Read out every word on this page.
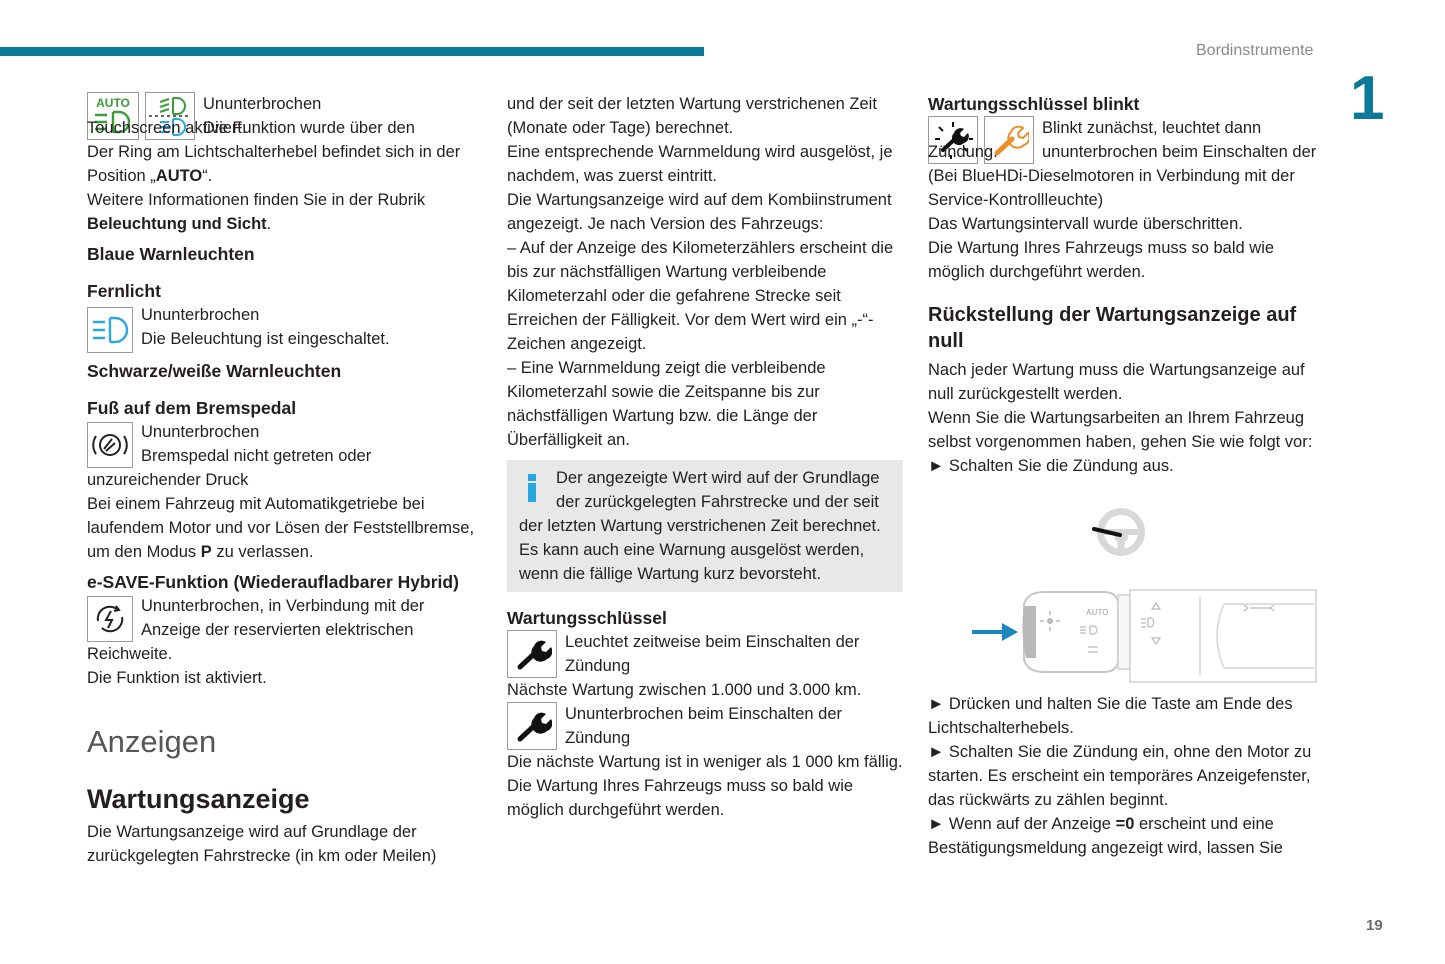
Bordinstrumente
1
19
AUTO	Ununterbrochen

Die Funktion wurde über den

Touchscreen aktiviert.

Der Ring am Lichtschalterhebel befindet sich in der Position „AUTO“.

Weitere Informationen finden Sie in der Rubrik Beleuchtung und Sicht.

Blaue Warnleuchten

Fernlicht

Ununterbrochen

Die Beleuchtung ist eingeschaltet.

Schwarze/weiße Warnleuchten

Fuß auf dem Bremspedal

Ununterbrochen

Bremspedal nicht getreten oder

unzureichender Druck

Bei einem Fahrzeug mit Automatikgetriebe bei laufendem Motor und vor Lösen der Feststellbremse, um den Modus P zu verlassen.

e-SAVE-Funktion (Wiederaufladbarer Hybrid)

Ununterbrochen, in Verbindung mit der

Anzeige der reservierten elektrischen

Reichweite.

Die Funktion ist aktiviert.

Anzeigen

Wartungsanzeige

Die Wartungsanzeige wird auf Grundlage der zurückgelegten Fahrstrecke (in km oder Meilen)

und der seit der letzten Wartung verstrichenen Zeit (Monate oder Tage) berechnet.

Eine entsprechende Warnmeldung wird ausgelöst, je nachdem, was zuerst eintritt.

Die Wartungsanzeige wird auf dem Kombiinstrument angezeigt. Je nach Version des Fahrzeugs:

– Auf der Anzeige des Kilometerzählers erscheint die bis zur nächstfälligen Wartung verbleibende Kilometerzahl oder die gefahrene Strecke seit Erreichen der Fälligkeit. Vor dem Wert wird ein „-“-Zeichen angezeigt.

– Eine Warnmeldung zeigt die verbleibende Kilometerzahl sowie die Zeitspanne bis zur nächstfälligen Wartung bzw. die Länge der Überfälligkeit an.

Der angezeigte Wert wird auf der Grundlage

der zurückgelegten Fahrstrecke und der seit

der letzten Wartung verstrichenen Zeit berechnet. Es kann auch eine Warnung ausgelöst werden, wenn die fällige Wartung kurz bevorsteht.

Wartungsschlüssel

Leuchtet zeitweise beim Einschalten der

Zündung

Nächste Wartung zwischen 1.000 und 3.000 km.

Ununterbrochen beim Einschalten der

Zündung

Die nächste Wartung ist in weniger als 1 000 km fällig.

Die Wartung Ihres Fahrzeugs muss so bald wie möglich durchgeführt werden.

Wartungsschlüssel blinkt

Blinkt zunächst, leuchtet dann

ununterbrochen beim Einschalten der

Zündung.

(Bei BlueHDi-Dieselmotoren in Verbindung mit der Service-Kontrollleuchte)

Das Wartungsintervall wurde überschritten.

Die Wartung Ihres Fahrzeugs muss so bald wie möglich durchgeführt werden.

Rückstellung der Wartungsanzeige auf null

Nach jeder Wartung muss die Wartungsanzeige auf null zurückgestellt werden.

Wenn Sie die Wartungsarbeiten an Ihrem Fahrzeug selbst vorgenommen haben, gehen Sie wie folgt vor:

► Schalten Sie die Zündung aus.

AUTO

► Drücken und halten Sie die Taste am Ende des Lichtschalterhebels.

► Schalten Sie die Zündung ein, ohne den Motor zu starten. Es erscheint ein temporäres Anzeigefenster, das rückwärts zu zählen beginnt.

► Wenn auf der Anzeige =0 erscheint und eine Bestätigungsmeldung angezeigt wird, lassen Sie
